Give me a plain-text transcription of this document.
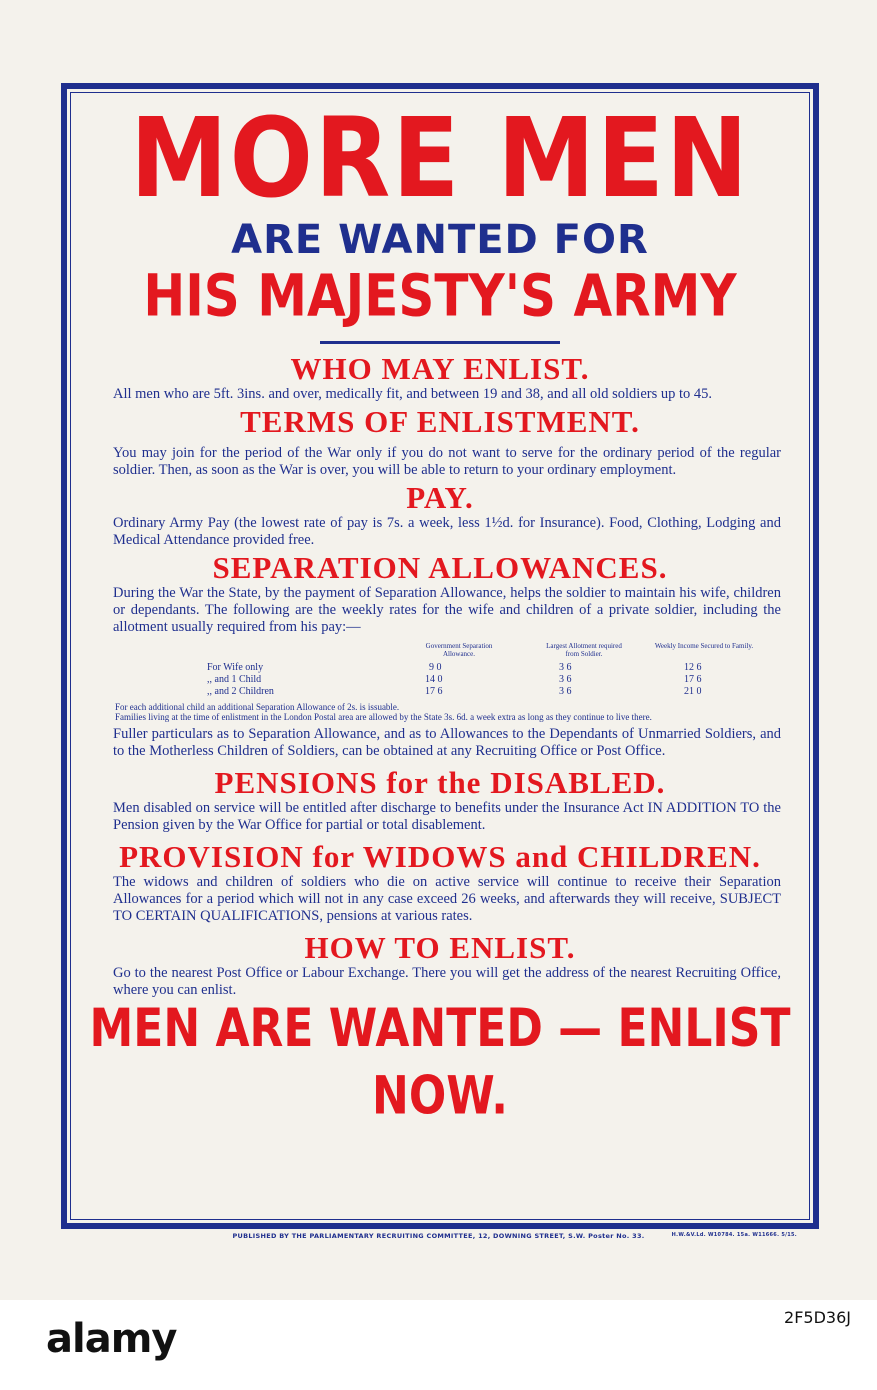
MORE MEN
ARE WANTED FOR
HIS MAJESTY'S ARMY
WHO MAY ENLIST.
All men who are 5ft. 3ins. and over, medically fit, and between 19 and 38, and all old soldiers up to 45.
TERMS OF ENLISTMENT.
You may join for the period of the War only if you do not want to serve for the ordinary period of the regular soldier. Then, as soon as the War is over, you will be able to return to your ordinary employment.
PAY.
Ordinary Army Pay (the lowest rate of pay is 7s. a week, less 1½d. for Insurance). Food, Clothing, Lodging and Medical Attendance provided free.
SEPARATION ALLOWANCES.
During the War the State, by the payment of Separation Allowance, helps the soldier to maintain his wife, children or dependants. The following are the weekly rates for the wife and children of a private soldier, including the allotment usually required from his pay:—
Government Separation Allowance.
Largest Allotment required from Soldier.
Weekly Income Secured to Family.
For Wife only	9 0	3 6	12 6
,, and 1 Child	14 0	3 6	17 6
,, and 2 Children	17 6	3 6	21 0
For each additional child an additional Separation Allowance of 2s. is issuable.
Families living at the time of enlistment in the London Postal area are allowed by the State 3s. 6d. a week extra as long as they continue to live there.
Fuller particulars as to Separation Allowance, and as to Allowances to the Dependants of Unmarried Soldiers, and to the Motherless Children of Soldiers, can be obtained at any Recruiting Office or Post Office.
PENSIONS for the DISABLED.
Men disabled on service will be entitled after discharge to benefits under the Insurance Act IN ADDITION TO the Pension given by the War Office for partial or total disablement.
PROVISION for WIDOWS and CHILDREN.
The widows and children of soldiers who die on active service will continue to receive their Separation Allowances for a period which will not in any case exceed 26 weeks, and afterwards they will receive, SUBJECT TO CERTAIN QUALIFICATIONS, pensions at various rates.
HOW TO ENLIST.
Go to the nearest Post Office or Labour Exchange. There you will get the address of the nearest Recruiting Office, where you can enlist.
MEN ARE WANTED — ENLIST NOW.
PUBLISHED BY THE PARLIAMENTARY RECRUITING COMMITTEE, 12, DOWNING STREET, S.W. Poster No. 33.	H.W.&V.Ld. W10784. 15a. W11666. 5/15.
alamy	2F5D36J
